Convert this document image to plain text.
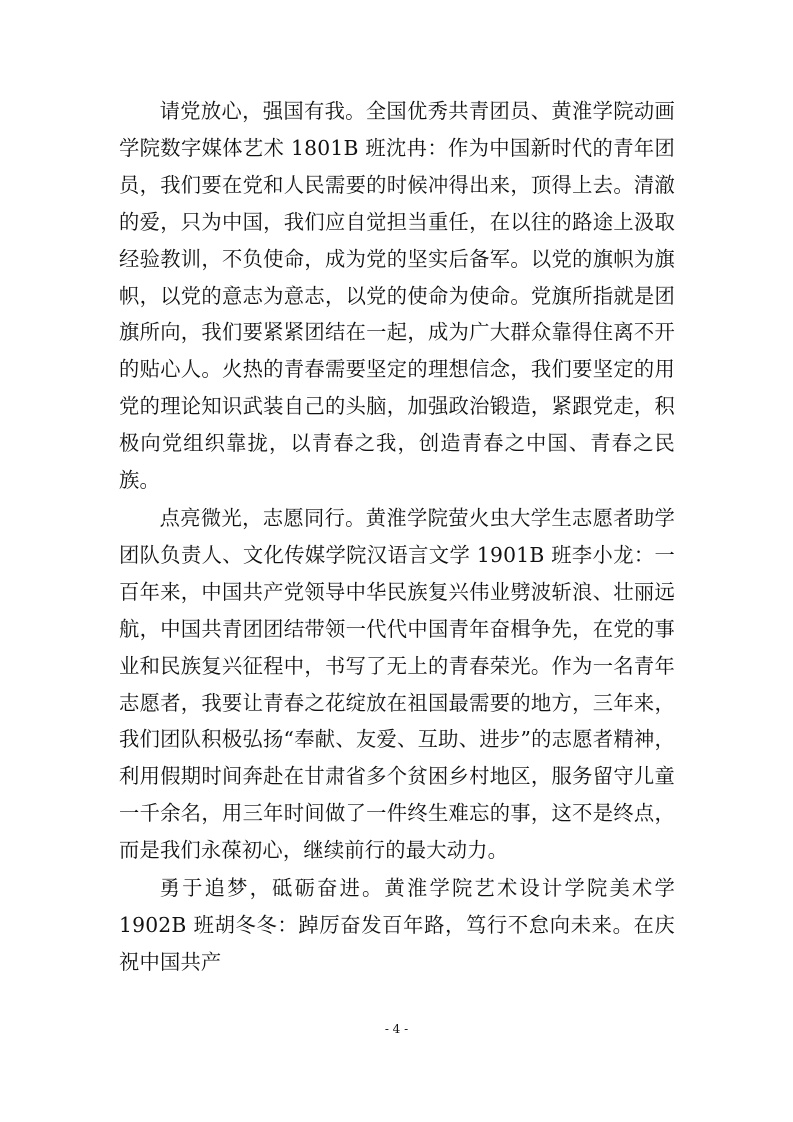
请党放心，强国有我。全国优秀共青团员、黄淮学院动画学院数字媒体艺术 1801B 班沈冉：作为中国新时代的青年团员，我们要在党和人民需要的时候冲得出来，顶得上去。清澈的爱，只为中国，我们应自觉担当重任，在以往的路途上汲取经验教训，不负使命，成为党的坚实后备军。以党的旗帜为旗帜，以党的意志为意志，以党的使命为使命。党旗所指就是团旗所向，我们要紧紧团结在一起，成为广大群众靠得住离不开的贴心人。火热的青春需要坚定的理想信念，我们要坚定的用党的理论知识武装自己的头脑，加强政治锻造，紧跟党走，积极向党组织靠拢，以青春之我，创造青春之中国、青春之民族。

点亮微光，志愿同行。黄淮学院萤火虫大学生志愿者助学团队负责人、文化传媒学院汉语言文学 1901B 班李小龙：一百年来，中国共产党领导中华民族复兴伟业劈波斩浪、壮丽远航，中国共青团团结带领一代代中国青年奋楫争先，在党的事业和民族复兴征程中，书写了无上的青春荣光。作为一名青年志愿者，我要让青春之花绽放在祖国最需要的地方，三年来，我们团队积极弘扬“奉献、友爱、互助、进步”的志愿者精神，利用假期时间奔赴在甘肃省多个贫困乡村地区，服务留守儿童一千余名，用三年时间做了一件终生难忘的事，这不是终点，而是我们永葆初心，继续前行的最大动力。

勇于追梦，砥砺奋进。黄淮学院艺术设计学院美术学 1902B 班胡冬冬：踔厉奋发百年路，笃行不怠向未来。在庆祝中国共产

- 4 -
